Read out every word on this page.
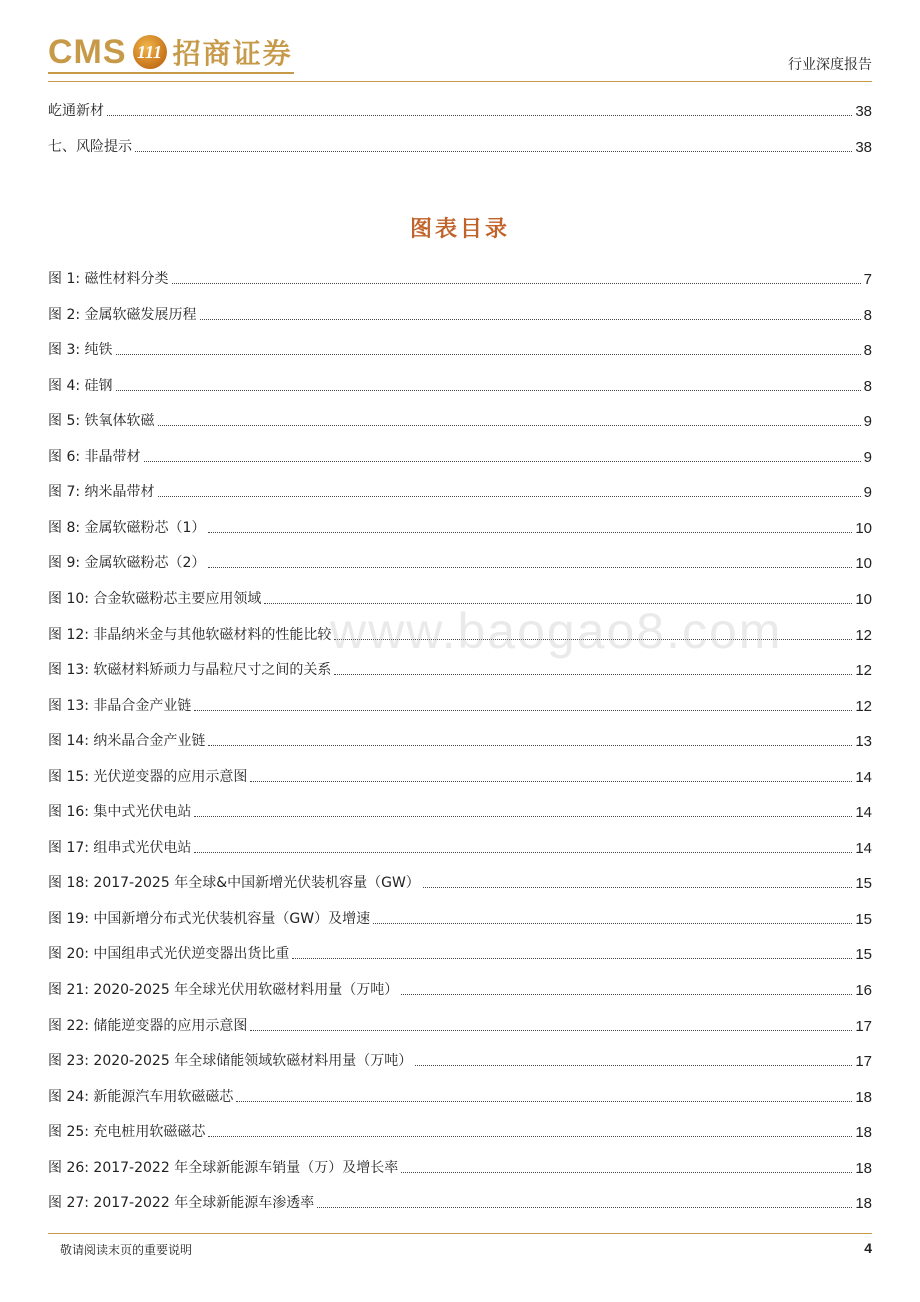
CMS 111 招商证券	行业深度报告
屹通新材	38
七、风险提示	38
图表目录
图 1: 磁性材料分类	7
图 2: 金属软磁发展历程	8
图 3: 纯铁	8
图 4: 硅钢	8
图 5: 铁氧体软磁	9
图 6: 非晶带材	9
图 7: 纳米晶带材	9
图 8: 金属软磁粉芯（1）	10
图 9: 金属软磁粉芯（2）	10
图 10: 合金软磁粉芯主要应用领域	10
图 12: 非晶纳米金与其他软磁材料的性能比较	12
图 13: 软磁材料矫顽力与晶粒尺寸之间的关系	12
图 13: 非晶合金产业链	12
图 14: 纳米晶合金产业链	13
图 15: 光伏逆变器的应用示意图	14
图 16: 集中式光伏电站	14
图 17: 组串式光伏电站	14
图 18: 2017-2025 年全球&中国新增光伏装机容量（GW）	15
图 19: 中国新增分布式光伏装机容量（GW）及增速	15
图 20: 中国组串式光伏逆变器出货比重	15
图 21: 2020-2025 年全球光伏用软磁材料用量（万吨）	16
图 22: 储能逆变器的应用示意图	17
图 23: 2020-2025 年全球储能领域软磁材料用量（万吨）	17
图 24: 新能源汽车用软磁磁芯	18
图 25: 充电桩用软磁磁芯	18
图 26: 2017-2022 年全球新能源车销量（万）及增长率	18
图 27: 2017-2022 年全球新能源车渗透率	18
www.baogao8.com
敬请阅读末页的重要说明	4
